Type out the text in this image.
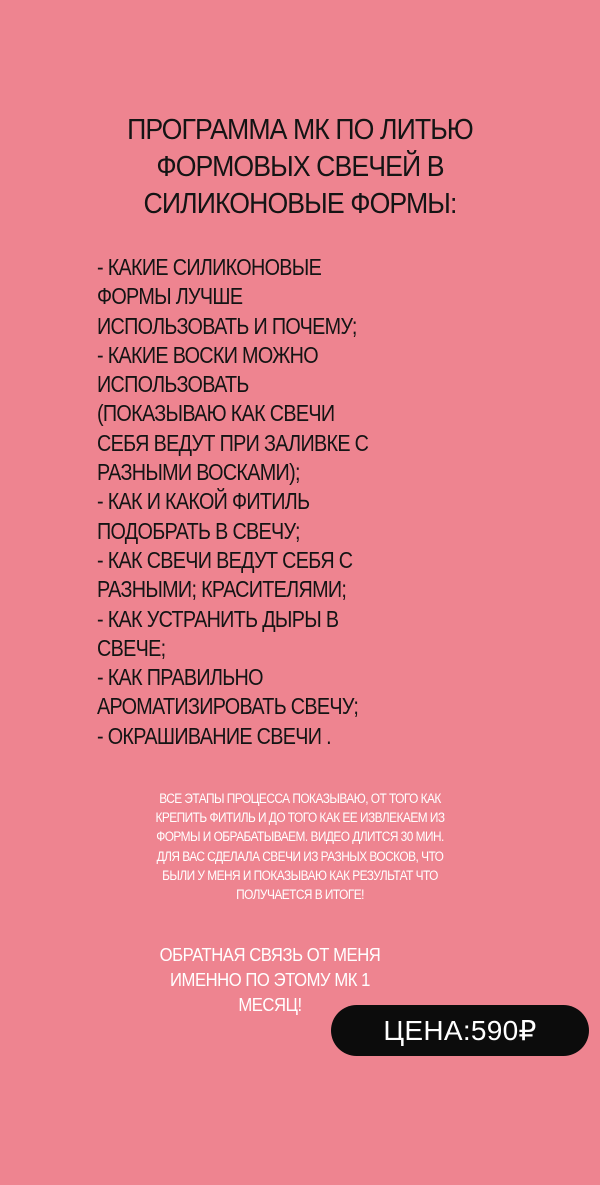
ПРОГРАММА МК ПО ЛИТЬЮ
ФОРМОВЫХ СВЕЧЕЙ В
СИЛИКОНОВЫЕ ФОРМЫ:
- КАКИЕ СИЛИКОНОВЫЕ
ФОРМЫ ЛУЧШЕ
ИСПОЛЬЗОВАТЬ И ПОЧЕМУ;
- КАКИЕ ВОСКИ МОЖНО
ИСПОЛЬЗОВАТЬ
(ПОКАЗЫВАЮ КАК СВЕЧИ
СЕБЯ ВЕДУТ ПРИ ЗАЛИВКЕ С
РАЗНЫМИ ВОСКАМИ);
- КАК И КАКОЙ ФИТИЛЬ
ПОДОБРАТЬ В СВЕЧУ;
- КАК СВЕЧИ ВЕДУТ СЕБЯ С
РАЗНЫМИ; КРАСИТЕЛЯМИ;
- КАК УСТРАНИТЬ ДЫРЫ В
СВЕЧЕ;
- КАК ПРАВИЛЬНО
АРОМАТИЗИРОВАТЬ СВЕЧУ;
- ОКРАШИВАНИЕ СВЕЧИ .
ВСЕ ЭТАПЫ ПРОЦЕССА ПОКАЗЫВАЮ, ОТ ТОГО КАК
КРЕПИТЬ ФИТИЛЬ И ДО ТОГО КАК ЕЕ ИЗВЛЕКАЕМ ИЗ
ФОРМЫ И ОБРАБАТЫВАЕМ. ВИДЕО ДЛИТСЯ 30 МИН.
ДЛЯ ВАС СДЕЛАЛА СВЕЧИ ИЗ РАЗНЫХ ВОСКОВ, ЧТО
БЫЛИ У МЕНЯ И ПОКАЗЫВАЮ КАК РЕЗУЛЬТАТ ЧТО
ПОЛУЧАЕТСЯ В ИТОГЕ!
ОБРАТНАЯ СВЯЗЬ ОТ МЕНЯ
ИМЕННО ПО ЭТОМУ МК 1
МЕСЯЦ!
ЦЕНА:590₽
